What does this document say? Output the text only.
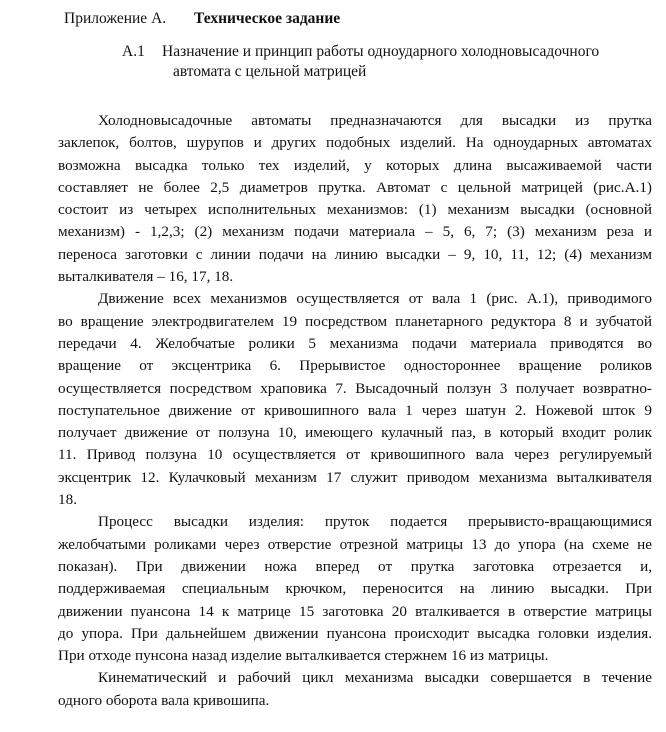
Приложение А. Техническое задание
А.1 Назначение и принцип работы одноударного холодновысадочного
автомата с цельной матрицей
Холодновысадочные автоматы предназначаются для высадки из прутка
заклепок, болтов, шурупов и других подобных изделий. На одноударных автоматах
возможна высадка только тех изделий, у которых длина высаживаемой части
составляет не более 2,5 диаметров прутка. Автомат с цельной матрицей (рис.А.1)
состоит из четырех исполнительных механизмов: (1) механизм высадки (основной
механизм) - 1,2,3; (2) механизм подачи материала – 5, 6, 7; (3) механизм реза и
переноса заготовки с линии подачи на линию высадки – 9, 10, 11, 12; (4) механизм
выталкивателя – 16, 17, 18.
Движение всех механизмов осуществляется от вала 1 (рис. А.1), приводимого
во вращение электродвигателем 19 посредством планетарного редуктора 8 и зубчатой
передачи 4. Желобчатые ролики 5 механизма подачи материала приводятся во
вращение от эксцентрика 6. Прерывистое одностороннее вращение роликов
осуществляется посредством храповика 7. Высадочный ползун 3 получает возвратно-
поступательное движение от кривошипного вала 1 через шатун 2. Ножевой шток 9
получает движение от ползуна 10, имеющего кулачный паз, в который входит ролик
11. Привод ползуна 10 осуществляется от кривошипного вала через регулируемый
эксцентрик 12. Кулачковый механизм 17 служит приводом механизма выталкивателя
18.
Процесс высадки изделия: пруток подается прерывисто-вращающимися
желобчатыми роликами через отверстие отрезной матрицы 13 до упора (на схеме не
показан). При движении ножа вперед от прутка заготовка отрезается и,
поддерживаемая специальным крючком, переносится на линию высадки. При
движении пуансона 14 к матрице 15 заготовка 20 вталкивается в отверстие матрицы
до упора. При дальнейшем движении пуансона происходит высадка головки изделия.
При отходе пунсона назад изделие выталкивается стержнем 16 из матрицы.
Кинематический и рабочий цикл механизма высадки совершается в течение
одного оборота вала кривошипа.
